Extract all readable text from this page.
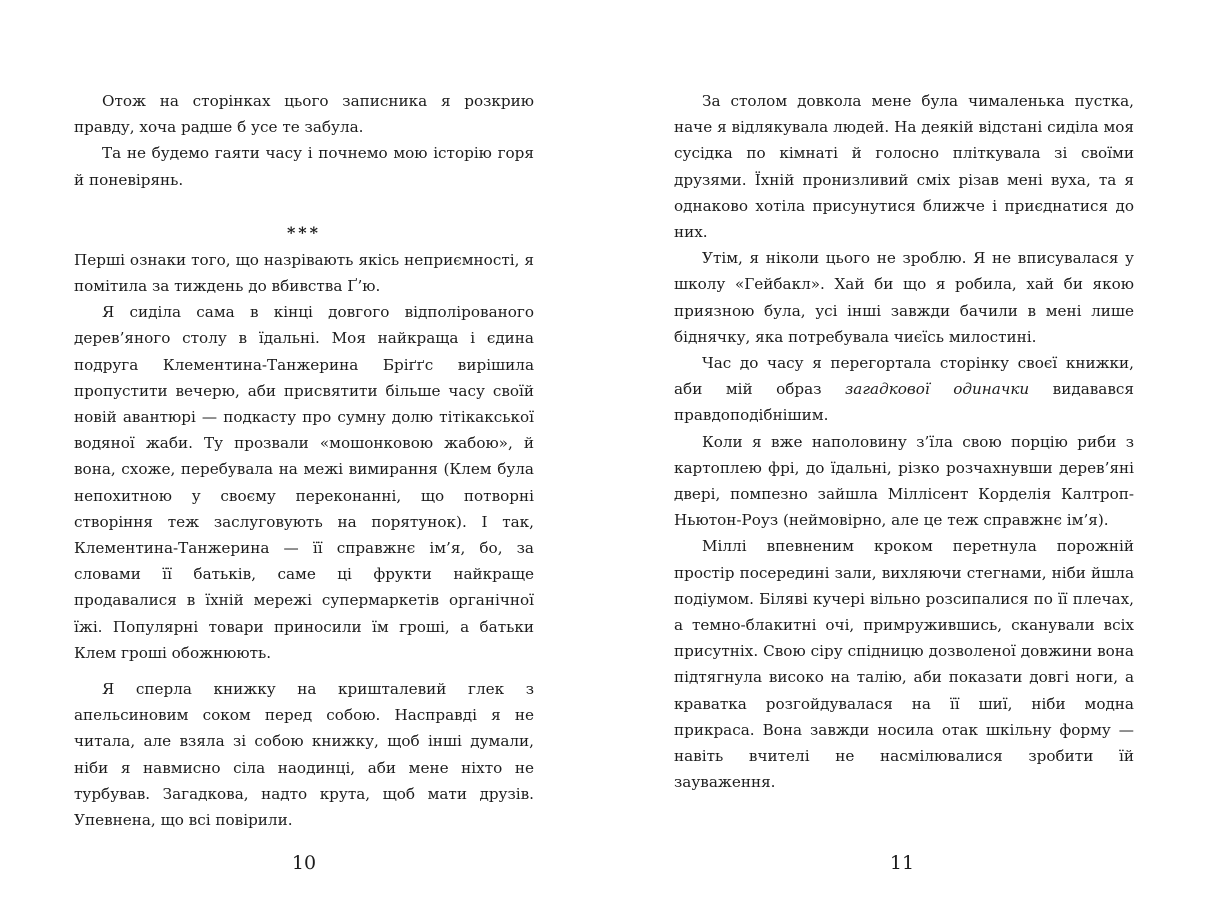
Отож на сторінках цього записника я розкрию правду, хоча радше б усе те забула.

Та не будемо гаяти часу і почнемо мою історію горя й поневірянь.

***

Перші ознаки того, що назрівають якісь неприємності, я помітила за тиждень до вбивства Ґ’ю.

Я сиділа сама в кінці довгого відполірованого дерев’яного столу в їдальні. Моя найкраща і єдина подруга Клементина-Танжерина Бріґґс вирішила пропустити вечерю, аби присвятити більше часу своїй новій авантюрі — подкасту про сумну долю тітікакської водяної жаби. Ту прозвали «мошонковою жабою», й вона, схоже, перебувала на межі вимирання (Клем була непохитною у своєму переконанні, що потворні створіння теж заслуговують на порятунок). І так, Клементина-Танжерина — її справжнє ім’я, бо, за словами її батьків, саме ці фрукти найкраще продавалися в їхній мережі супермаркетів органічної їжі. Популярні товари приносили їм гроші, а батьки Клем гроші обожнюють.

Я сперла книжку на кришталевий глек з апельсиновим соком перед собою. Насправді я не читала, але взяла зі собою книжку, щоб інші думали, ніби я навмисно сіла наодинці, аби мене ніхто не турбував. Загадкова, надто крута, щоб мати друзів. Упевнена, що всі повірили.

За столом довкола мене була чималенька пустка, наче я відлякувала людей. На деякій відстані сиділа моя сусідка по кімнаті й голосно пліткувала зі своїми друзями. Їхній пронизливий сміх різав мені вуха, та я однаково хотіла присунутися ближче і приєднатися до них.

Утім, я ніколи цього не зроблю. Я не вписувалася у школу «Гейбакл». Хай би що я робила, хай би якою приязною була, усі інші завжди бачили в мені лише біднячку, яка потребувала чиєїсь милостині.

Час до часу я перегортала сторінку своєї книжки, аби мій образ загадкової одиначки видавався правдоподібнішим.

Коли я вже наполовину з’їла свою порцію риби з картоплею фрі, до їдальні, різко розчахнувши дерев’яні двері, помпезно зайшла Міллісент Корделія Калтроп-Ньютон-Роуз (неймовірно, але це теж справжнє ім’я).

Міллі впевненим кроком перетнула порожній простір посередині зали, вихляючи стегнами, ніби йшла подіумом. Біляві кучері вільно розсипалися по її плечах, а темно-блакитні очі, примружившись, сканували всіх присутніх. Свою сіру спідницю дозволеної довжини вона підтягнула високо на талію, аби показати довгі ноги, а краватка розгойдувалася на її шиї, ніби модна прикраса. Вона завжди носила отак шкільну форму — навіть вчителі не насмілювалися зробити їй зауваження.

10	11
